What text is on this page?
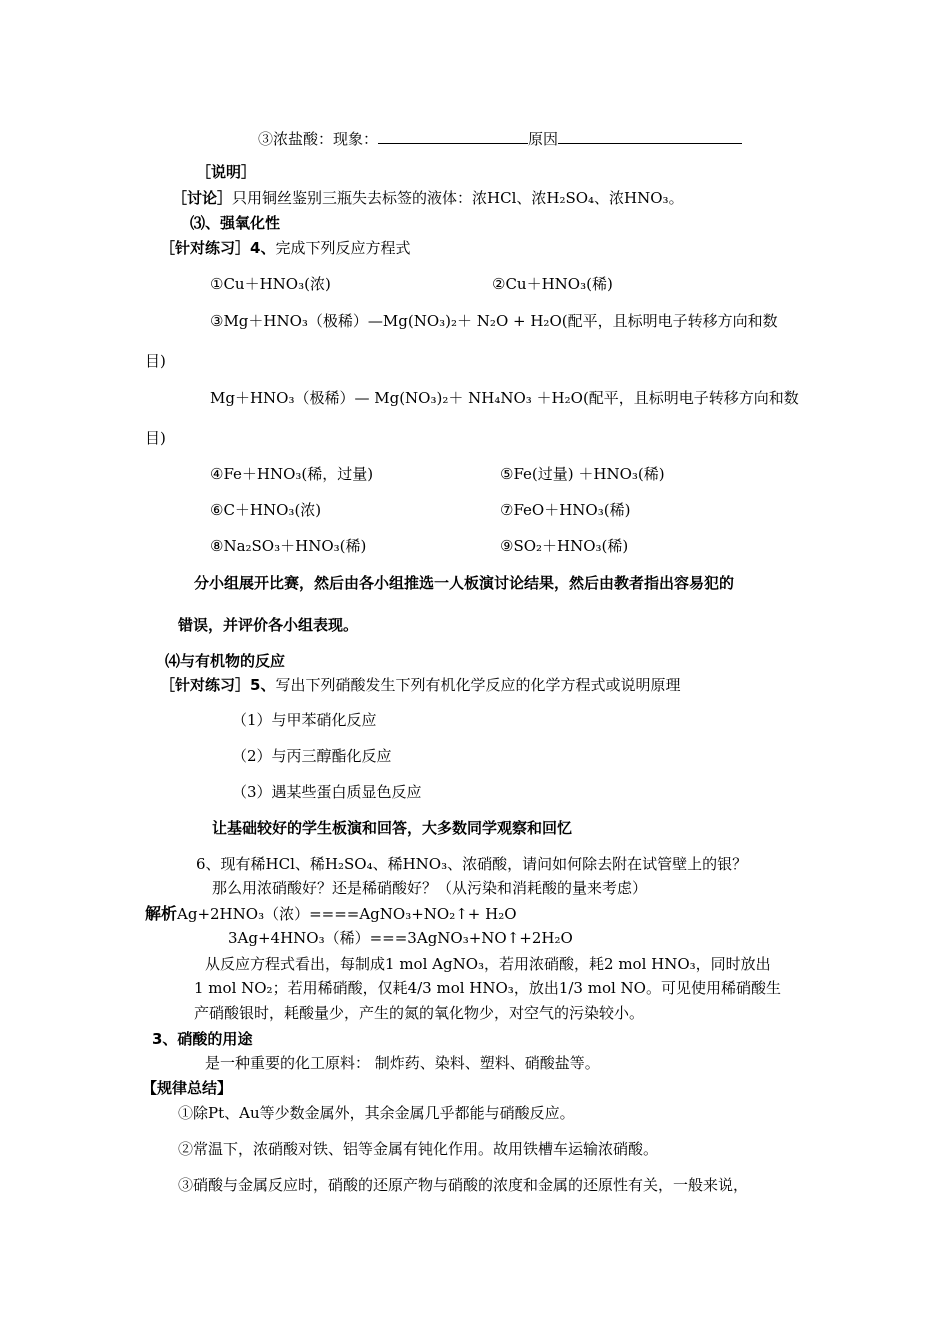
③浓盐酸：现象：	原因
［说明］
［讨论］只用铜丝鉴别三瓶失去标签的液体：浓HCl、浓H₂SO₄、浓HNO₃。
⑶、强氧化性
［针对练习］4、完成下列反应方程式
①Cu＋HNO₃(浓)	②Cu＋HNO₃(稀)
③Mg＋HNO₃（极稀）—Mg(NO₃)₂＋ N₂O + H₂O(配平，且标明电子转移方向和数
目)
Mg＋HNO₃（极稀）— Mg(NO₃)₂＋ NH₄NO₃ ＋H₂O(配平，且标明电子转移方向和数
目)
④Fe＋HNO₃(稀，过量)	⑤Fe(过量) ＋HNO₃(稀)
⑥C＋HNO₃(浓)	⑦FeO＋HNO₃(稀)
⑧Na₂SO₃＋HNO₃(稀)	⑨SO₂＋HNO₃(稀)
分小组展开比赛，然后由各小组推选一人板演讨论结果，然后由教者指出容易犯的
错误，并评价各小组表现。
⑷与有机物的反应
［针对练习］5、写出下列硝酸发生下列有机化学反应的化学方程式或说明原理
（1）与甲苯硝化反应
（2）与丙三醇酯化反应
（3）遇某些蛋白质显色反应
让基础较好的学生板演和回答，大多数同学观察和回忆
6、现有稀HCl、稀H₂SO₄、稀HNO₃、浓硝酸，请问如何除去附在试管壁上的银？
那么用浓硝酸好？还是稀硝酸好？（从污染和消耗酸的量来考虑）
解析Ag+2HNO₃（浓）====AgNO₃+NO₂↑+ H₂O
3Ag+4HNO₃（稀）===3AgNO₃+NO↑+2H₂O
从反应方程式看出，每制成1 mol AgNO₃，若用浓硝酸，耗2 mol HNO₃，同时放出
1 mol NO₂；若用稀硝酸，仅耗4/3 mol HNO₃，放出1/3 mol NO。可见使用稀硝酸生
产硝酸银时，耗酸量少，产生的氮的氧化物少，对空气的污染较小。
3、硝酸的用途
是一种重要的化工原料： 制炸药、染料、塑料、硝酸盐等。
【规律总结】
①除Pt、Au等少数金属外，其余金属几乎都能与硝酸反应。
②常温下，浓硝酸对铁、铝等金属有钝化作用。故用铁槽车运输浓硝酸。
③硝酸与金属反应时，硝酸的还原产物与硝酸的浓度和金属的还原性有关，一般来说，
